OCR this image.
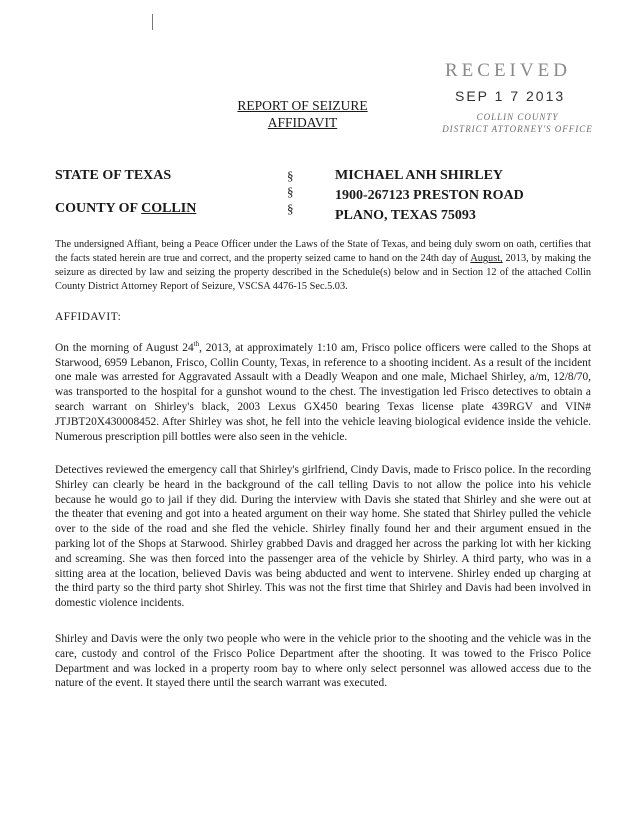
RECEIVED
SEP 1 7 2013
COLLIN COUNTY
DISTRICT ATTORNEY'S OFFICE
REPORT OF SEIZURE
AFFIDAVIT
STATE OF TEXAS
COUNTY OF COLLIN
§
§
§
MICHAEL ANH SHIRLEY
1900-267123 PRESTON ROAD
PLANO, TEXAS 75093
The undersigned Affiant, being a Peace Officer under the Laws of the State of Texas, and being duly sworn on oath, certifies that the facts stated herein are true and correct, and the property seized came to hand on the 24th day of August, 2013, by making the seizure as directed by law and seizing the property described in the Schedule(s) below and in Section 12 of the attached Collin County District Attorney Report of Seizure, VSCSA 4476-15 Sec.5.03.
AFFIDAVIT:
On the morning of August 24th, 2013, at approximately 1:10 am, Frisco police officers were called to the Shops at Starwood, 6959 Lebanon, Frisco, Collin County, Texas, in reference to a shooting incident. As a result of the incident one male was arrested for Aggravated Assault with a Deadly Weapon and one male, Michael Shirley, a/m, 12/8/70, was transported to the hospital for a gunshot wound to the chest. The investigation led Frisco detectives to obtain a search warrant on Shirley's black, 2003 Lexus GX450 bearing Texas license plate 439RGV and VIN# JTJBT20X430008452. After Shirley was shot, he fell into the vehicle leaving biological evidence inside the vehicle. Numerous prescription pill bottles were also seen in the vehicle.
Detectives reviewed the emergency call that Shirley's girlfriend, Cindy Davis, made to Frisco police. In the recording Shirley can clearly be heard in the background of the call telling Davis to not allow the police into his vehicle because he would go to jail if they did. During the interview with Davis she stated that Shirley and she were out at the theater that evening and got into a heated argument on their way home. She stated that Shirley pulled the vehicle over to the side of the road and she fled the vehicle. Shirley finally found her and their argument ensued in the parking lot of the Shops at Starwood. Shirley grabbed Davis and dragged her across the parking lot with her kicking and screaming. She was then forced into the passenger area of the vehicle by Shirley. A third party, who was in a sitting area at the location, believed Davis was being abducted and went to intervene. Shirley ended up charging at the third party so the third party shot Shirley. This was not the first time that Shirley and Davis had been involved in domestic violence incidents.
Shirley and Davis were the only two people who were in the vehicle prior to the shooting and the vehicle was in the care, custody and control of the Frisco Police Department after the shooting. It was towed to the Frisco Police Department and was locked in a property room bay to where only select personnel was allowed access due to the nature of the event. It stayed there until the search warrant was executed.
